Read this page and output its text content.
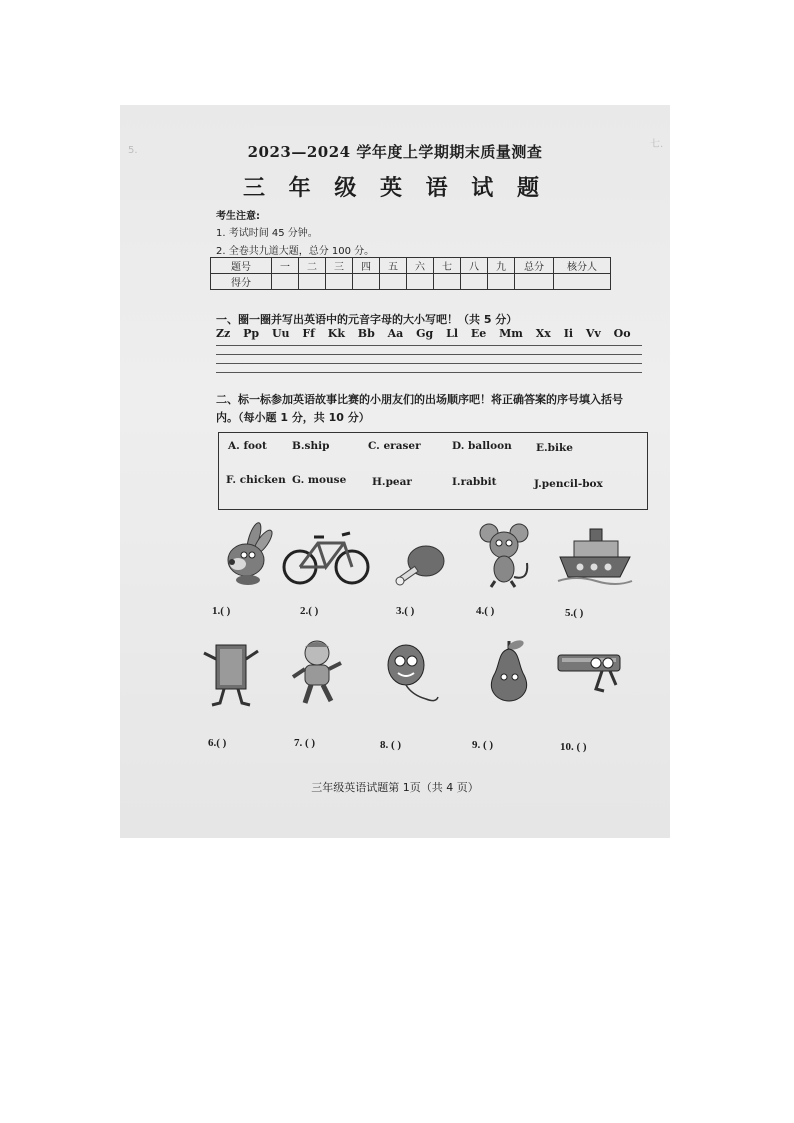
5.
七.
2023—2024 学年度上学期期末质量测查
三 年 级 英 语 试 题
考生注意:
1. 考试时间 45 分钟。
2. 全卷共九道大题，总分 100 分。
题号	一	二	三	四	五	六	七	八	九	总分	核分人
得分											
一、圈一圈并写出英语中的元音字母的大小写吧！（共 5 分）
Zz Pp Uu Ff Kk Bb Aa Gg Ll Ee Mm Xx Ii Vv Oo
二、标一标参加英语故事比赛的小朋友们的出场顺序吧！将正确答案的序号填入括号
内。（每小题 1 分，共 10 分）
A. foot B.ship	C. eraser	D. balloon E.bike
F. chicken G. mouse H.pear	I.rabbit	J.pencil-box
1.( )	2.( )	3.( )	4.( )	5.( )
6.( )	7. ( )	8. ( )	9. ( )	10. ( )
三年级英语试题第 1页（共 4 页）
